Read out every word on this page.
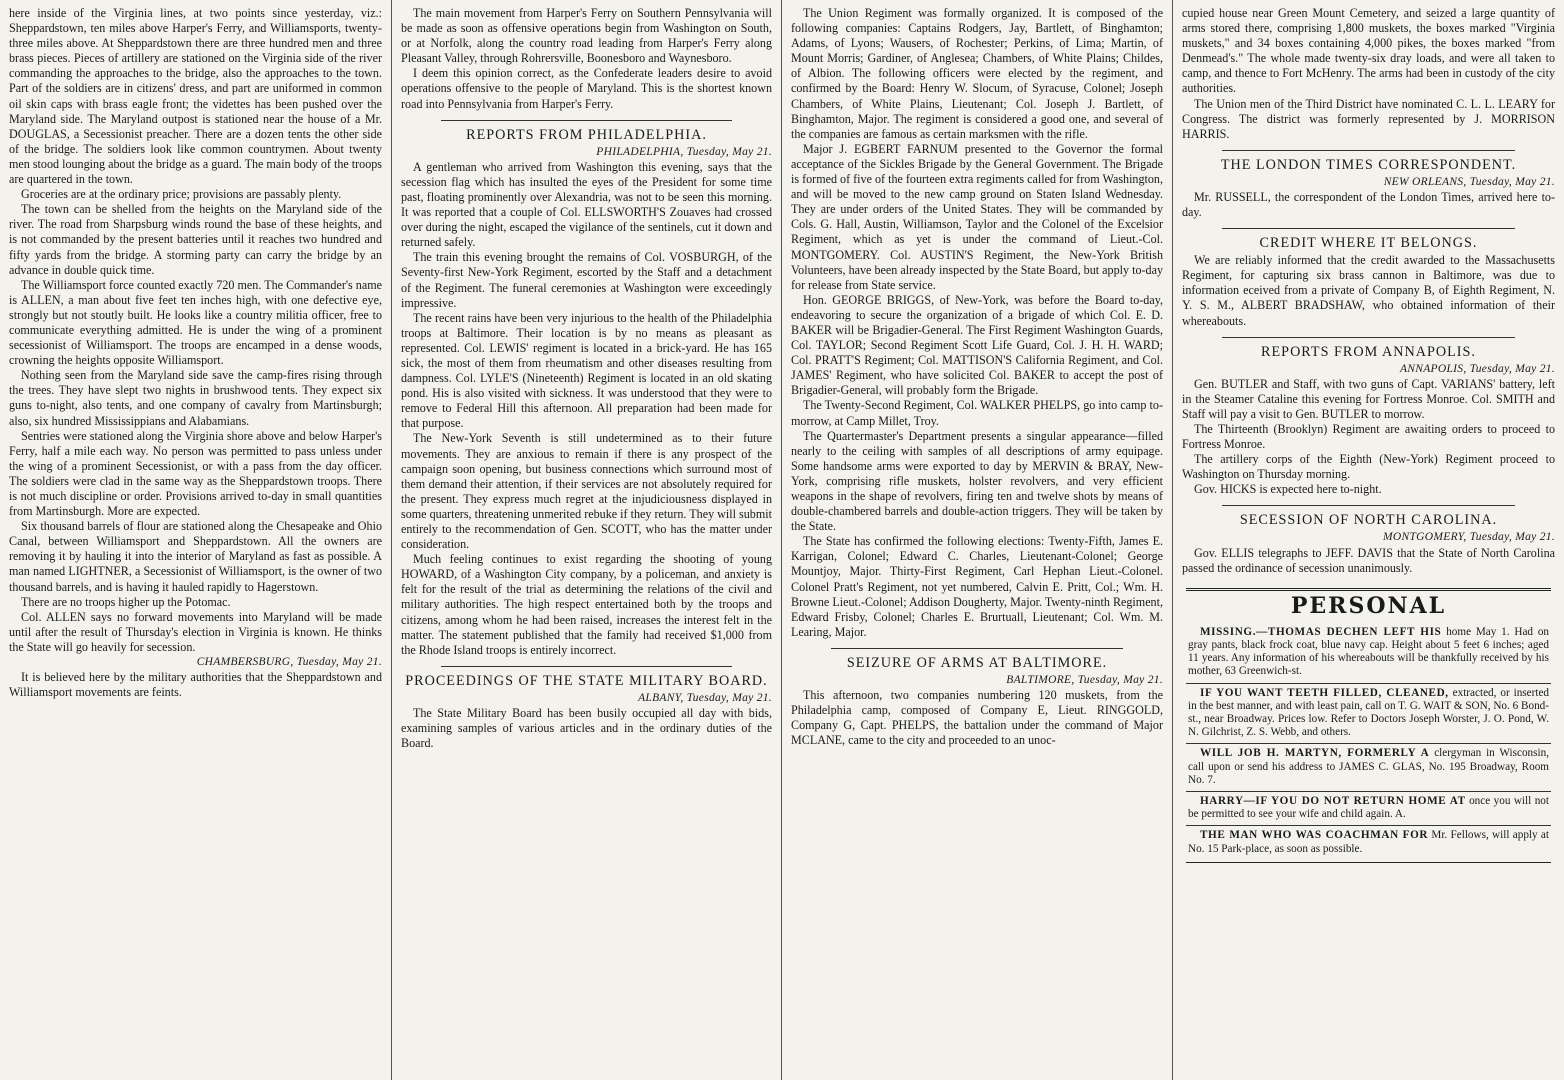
here inside of the Virginia lines, at two points since yesterday, viz.: Sheppardstown, ten miles above Harper's Ferry, and Williamsports, twenty-three miles above. At Sheppardstown there are three hundred men and three brass pieces. Pieces of artillery are stationed on the Virginia side of the river commanding the approaches to the bridge, also the approaches to the town. Part of the soldiers are in citizens' dress, and part are uniformed in common oil skin caps with brass eagle front; the videttes has been pushed over the Maryland side. The Maryland outpost is stationed near the house of a Mr. DOUGLAS, a Secessionist preacher. There are a dozen tents the other side of the bridge. The soldiers look like common countrymen. About twenty men stood lounging about the bridge as a guard. The main body of the troops are quartered in the town.

Groceries are at the ordinary price; provisions are passably plenty.

The town can be shelled from the heights on the Maryland side of the river. The road from Sharpsburg winds round the base of these heights, and is not commanded by the present batteries until it reaches two hundred and fifty yards from the bridge. A storming party can carry the bridge by an advance in double quick time.

The Williamsport force counted exactly 720 men. The Commander's name is ALLEN, a man about five feet ten inches high, with one defective eye, strongly but not stoutly built. He looks like a country militia officer, free to communicate everything admitted. He is under the wing of a prominent secessionist of Williamsport. The troops are encamped in a dense woods, crowning the heights opposite Williamsport.

Nothing seen from the Maryland side save the camp-fires rising through the trees. They have slept two nights in brushwood tents. They expect six guns to-night, also tents, and one company of cavalry from Martinsburgh; also, six hundred Mississippians and Alabamians.

Sentries were stationed along the Virginia shore above and below Harper's Ferry, half a mile each way. No person was permitted to pass unless under the wing of a prominent Secessionist, or with a pass from the day officer. The soldiers were clad in the same way as the Sheppardstown troops. There is not much discipline or order. Provisions arrived to-day in small quantities from Martinsburgh. More are expected.

Six thousand barrels of flour are stationed along the Chesapeake and Ohio Canal, between Williamsport and Sheppardstown. All the owners are removing it by hauling it into the interior of Maryland as fast as possible. A man named LIGHTNER, a Secessionist of Williamsport, is the owner of two thousand barrels, and is having it hauled rapidly to Hagerstown.

There are no troops higher up the Potomac.

Col. ALLEN says no forward movements into Maryland will be made until after the result of Thursday's election in Virginia is known. He thinks the State will go heavily for secession.

CHAMBERSBURG, Tuesday, May 21.

It is believed here by the military authorities that the Sheppardstown and Williamsport movements are feints.

The main movement from Harper's Ferry on Southern Pennsylvania will be made as soon as offensive operations begin from Washington on South, or at Norfolk, along the country road leading from Harper's Ferry along Pleasant Valley, through Rohrersville, Boonesboro and Waynesboro.

I deem this opinion correct, as the Confederate leaders desire to avoid operations offensive to the people of Maryland. This is the shortest known road into Pennsylvania from Harper's Ferry.

REPORTS FROM PHILADELPHIA.

PHILADELPHIA, Tuesday, May 21.

A gentleman who arrived from Washington this evening, says that the secession flag which has insulted the eyes of the President for some time past, floating prominently over Alexandria, was not to be seen this morning. It was reported that a couple of Col. ELLSWORTH'S Zouaves had crossed over during the night, escaped the vigilance of the sentinels, cut it down and returned safely.

The train this evening brought the remains of Col. VOSBURGH, of the Seventy-first New-York Regiment, escorted by the Staff and a detachment of the Regiment. The funeral ceremonies at Washington were exceedingly impressive.

The recent rains have been very injurious to the health of the Philadelphia troops at Baltimore. Their location is by no means as pleasant as represented. Col. LEWIS' regiment is located in a brick-yard. He has 165 sick, the most of them from rheumatism and other diseases resulting from dampness. Col. LYLE'S (Nineteenth) Regiment is located in an old skating pond. His is also visited with sickness. It was understood that they were to remove to Federal Hill this afternoon. All preparation had been made for that purpose.

The New-York Seventh is still undetermined as to their future movements. They are anxious to remain if there is any prospect of the campaign soon opening, but business connections which surround most of them demand their attention, if their services are not absolutely required for the present. They express much regret at the injudiciousness displayed in some quarters, threatening unmerited rebuke if they return. They will submit entirely to the recommendation of Gen. SCOTT, who has the matter under consideration.

Much feeling continues to exist regarding the shooting of young HOWARD, of a Washington City company, by a policeman, and anxiety is felt for the result of the trial as determining the relations of the civil and military authorities. The high respect entertained both by the troops and citizens, among whom he had been raised, increases the interest felt in the matter. The statement published that the family had received $1,000 from the Rhode Island troops is entirely incorrect.

PROCEEDINGS OF THE STATE MILITARY BOARD.

ALBANY, Tuesday, May 21.

The State Military Board has been busily occupied all day with bids, examining samples of various articles and in the ordinary duties of the Board.

The Union Regiment was formally organized. It is composed of the following companies: Captains Rodgers, Jay, Bartlett, of Binghamton; Adams, of Lyons; Wausers, of Rochester; Perkins, of Lima; Martin, of Mount Morris; Gardiner, of Anglesea; Chambers, of White Plains; Childes, of Albion. The following officers were elected by the regiment, and confirmed by the Board: Henry W. Slocum, of Syracuse, Colonel; Joseph Chambers, of White Plains, Lieutenant; Col. Joseph J. Bartlett, of Binghamton, Major. The regiment is considered a good one, and several of the companies are famous as certain marksmen with the rifle.

Major J. EGBERT FARNUM presented to the Governor the formal acceptance of the Sickles Brigade by the General Government. The Brigade is formed of five of the fourteen extra regiments called for from Washington, and will be moved to the new camp ground on Staten Island Wednesday. They are under orders of the United States. They will be commanded by Cols. G. Hall, Austin, Williamson, Taylor and the Colonel of the Excelsior Regiment, which as yet is under the command of Lieut.-Col. MONTGOMERY. Col. AUSTIN'S Regiment, the New-York British Volunteers, have been already inspected by the State Board, but apply to-day for release from State service.

Hon. GEORGE BRIGGS, of New-York, was before the Board to-day, endeavoring to secure the organization of a brigade of which Col. E. D. BAKER will be Brigadier-General. The First Regiment Washington Guards, Col. TAYLOR; Second Regiment Scott Life Guard, Col. J. H. H. WARD; Col. PRATT'S Regiment; Col. MATTISON'S California Regiment, and Col. JAMES' Regiment, who have solicited Col. BAKER to accept the post of Brigadier-General, will probably form the Brigade.

The Twenty-Second Regiment, Col. WALKER PHELPS, go into camp to-morrow, at Camp Millet, Troy.

The Quartermaster's Department presents a singular appearance—filled nearly to the ceiling with samples of all descriptions of army equipage. Some handsome arms were exported to day by MERVIN & BRAY, New-York, comprising rifle muskets, holster revolvers, and very efficient weapons in the shape of revolvers, firing ten and twelve shots by means of double-chambered barrels and double-action triggers. They will be taken by the State.

The State has confirmed the following elections: Twenty-Fifth, James E. Karrigan, Colonel; Edward C. Charles, Lieutenant-Colonel; George Mountjoy, Major. Thirty-First Regiment, Carl Hephan Lieut.-Colonel. Colonel Pratt's Regiment, not yet numbered, Calvin E. Pritt, Col.; Wm. H. Browne Lieut.-Colonel; Addison Dougherty, Major. Twenty-ninth Regiment, Edward Frisby, Colonel; Charles E. Brurtuall, Lieutenant; Col. Wm. M. Learing, Major.

SEIZURE OF ARMS AT BALTIMORE.

BALTIMORE, Tuesday, May 21.

This afternoon, two companies numbering 120 muskets, from the Philadelphia camp, composed of Company E, Lieut. RINGGOLD, Company G, Capt. PHELPS, the battalion under the command of Major MCLANE, came to the city and proceeded to an unoc-

cupied house near Green Mount Cemetery, and seized a large quantity of arms stored there, comprising 1,800 muskets, the boxes marked "Virginia muskets," and 34 boxes containing 4,000 pikes, the boxes marked "from Denmead's." The whole made twenty-six dray loads, and were all taken to camp, and thence to Fort McHenry. The arms had been in custody of the city authorities.

The Union men of the Third District have nominated C. L. L. LEARY for Congress. The district was formerly represented by J. MORRISON HARRIS.

THE LONDON TIMES CORRESPONDENT.

NEW ORLEANS, Tuesday, May 21.

Mr. RUSSELL, the correspondent of the London Times, arrived here to-day.

CREDIT WHERE IT BELONGS.

We are reliably informed that the credit awarded to the Massachusetts Regiment, for capturing six brass cannon in Baltimore, was due to information eceived from a private of Company B, of Eighth Regiment, N. Y. S. M., ALBERT BRADSHAW, who obtained information of their whereabouts.

REPORTS FROM ANNAPOLIS.

ANNAPOLIS, Tuesday, May 21.

Gen. BUTLER and Staff, with two guns of Capt. VARIANS' battery, left in the Steamer Cataline this evening for Fortress Monroe. Col. SMITH and Staff will pay a visit to Gen. BUTLER to morrow.

The Thirteenth (Brooklyn) Regiment are awaiting orders to proceed to Fortress Monroe.

The artillery corps of the Eighth (New-York) Regiment proceed to Washington on Thursday morning.

Gov. HICKS is expected here to-night.

SECESSION OF NORTH CAROLINA.

MONTGOMERY, Tuesday, May 21.

Gov. ELLIS telegraphs to JEFF. DAVIS that the State of North Carolina passed the ordinance of secession unanimously.

PERSONAL

MISSING.—THOMAS DECHEN LEFT HIS home May 1. Had on gray pants, black frock coat, blue navy cap. Height about 5 feet 6 inches; aged 11 years. Any information of his whereabouts will be thankfully received by his mother, 63 Greenwich-st.

IF YOU WANT TEETH FILLED, CLEANED, extracted, or inserted in the best manner, and with least pain, call on T. G. WAIT & SON, No. 6 Bond-st., near Broadway. Prices low. Refer to Doctors Joseph Worster, J. O. Pond, W. N. Gilchrist, Z. S. Webb, and others.

WILL JOB H. MARTYN, FORMERLY A clergyman in Wisconsin, call upon or send his address to JAMES C. GLAS, No. 195 Broadway, Room No. 7.

HARRY—IF YOU DO NOT RETURN HOME AT once you will not be permitted to see your wife and child again. A.

THE MAN WHO WAS COACHMAN FOR Mr. Fellows, will apply at No. 15 Park-place, as soon as possible.
